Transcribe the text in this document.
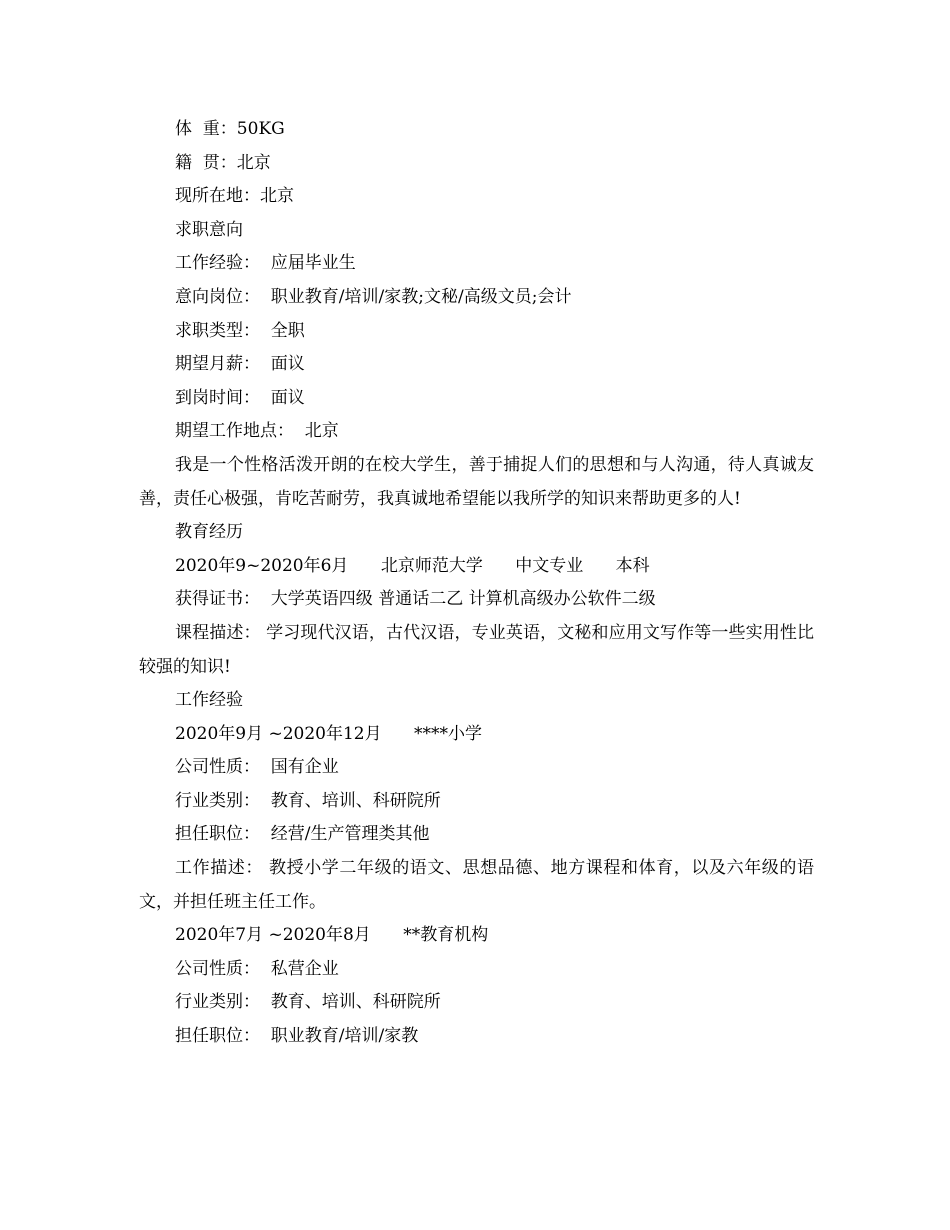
体  重：50KG

籍  贯：北京

现所在地：北京

求职意向

工作经验：  应届毕业生

意向岗位：  职业教育/培训/家教;文秘/高级文员;会计

求职类型：  全职

期望月薪：  面议

到岗时间：  面议

期望工作地点：  北京

我是一个性格活泼开朗的在校大学生，善于捕捉人们的思想和与人沟通，待人真诚友善，责任心极强，肯吃苦耐劳，我真诚地希望能以我所学的知识来帮助更多的人!

教育经历

2020年9~2020年6月      北京师范大学      中文专业      本科

获得证书：  大学英语四级 普通话二乙 计算机高级办公软件二级

课程描述： 学习现代汉语，古代汉语，专业英语，文秘和应用文写作等一些实用性比较强的知识!

工作经验

2020年9月 ~2020年12月      ****小学

公司性质：  国有企业

行业类别：  教育、培训、科研院所

担任职位：  经营/生产管理类其他

工作描述： 教授小学二年级的语文、思想品德、地方课程和体育，以及六年级的语文，并担任班主任工作。

2020年7月 ~2020年8月      **教育机构

公司性质：  私营企业

行业类别：  教育、培训、科研院所

担任职位：  职业教育/培训/家教
